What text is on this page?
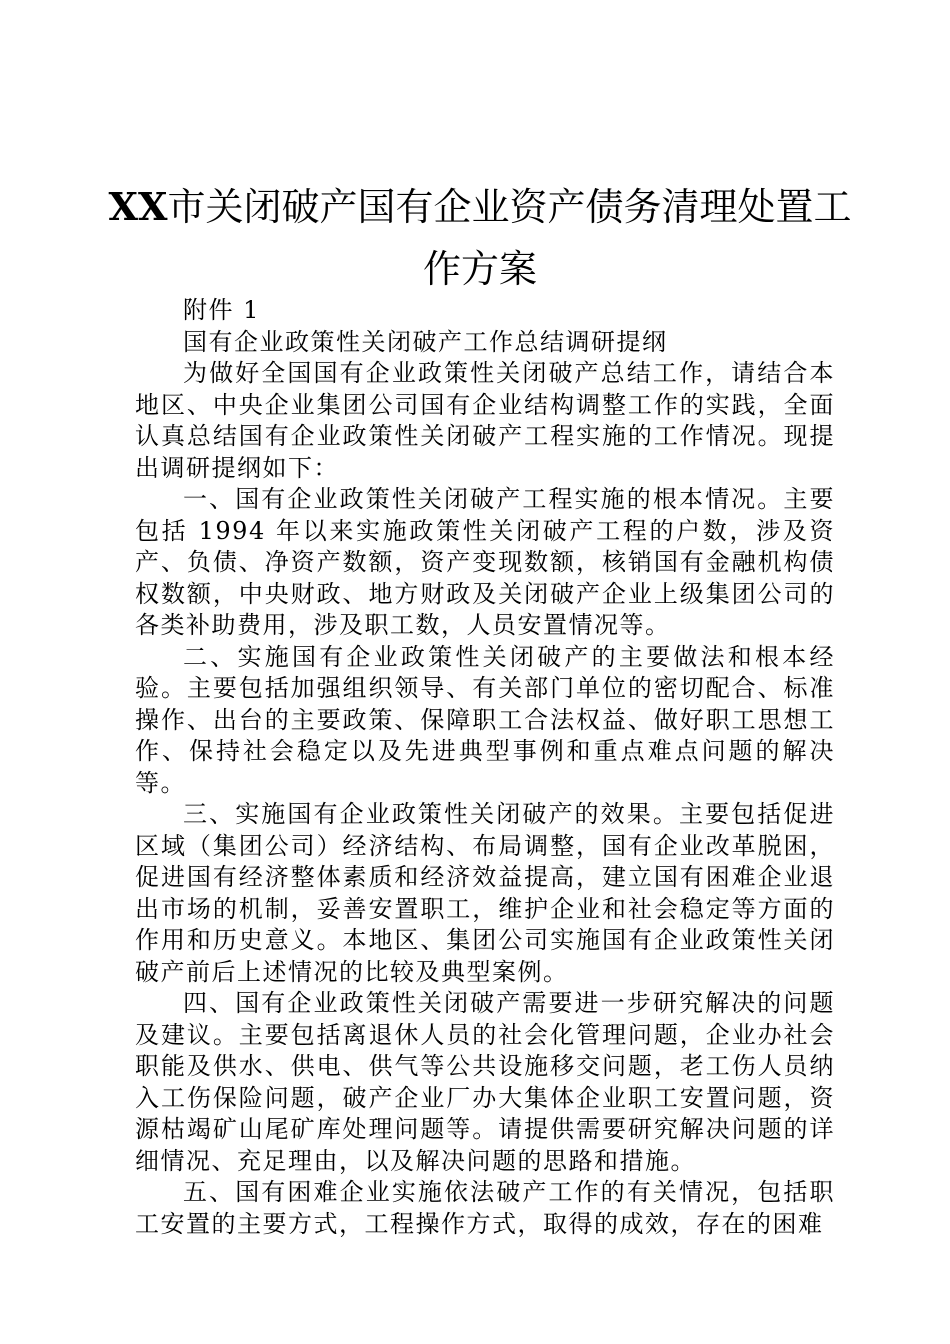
XX市关闭破产国有企业资产债务清理处置工作方案

附件 1

国有企业政策性关闭破产工作总结调研提纲

为做好全国国有企业政策性关闭破产总结工作，请结合本地区、中央企业集团公司国有企业结构调整工作的实践，全面认真总结国有企业政策性关闭破产工程实施的工作情况。现提出调研提纲如下：

一、国有企业政策性关闭破产工程实施的根本情况。主要包括 1994 年以来实施政策性关闭破产工程的户数，涉及资产、负债、净资产数额，资产变现数额，核销国有金融机构债权数额，中央财政、地方财政及关闭破产企业上级集团公司的各类补助费用，涉及职工数，人员安置情况等。

二、实施国有企业政策性关闭破产的主要做法和根本经验。主要包括加强组织领导、有关部门单位的密切配合、标准操作、出台的主要政策、保障职工合法权益、做好职工思想工作、保持社会稳定以及先进典型事例和重点难点问题的解决等。

三、实施国有企业政策性关闭破产的效果。主要包括促进区域（集团公司）经济结构、布局调整，国有企业改革脱困，促进国有经济整体素质和经济效益提高，建立国有困难企业退出市场的机制，妥善安置职工，维护企业和社会稳定等方面的作用和历史意义。本地区、集团公司实施国有企业政策性关闭破产前后上述情况的比较及典型案例。

四、国有企业政策性关闭破产需要进一步研究解决的问题及建议。主要包括离退休人员的社会化管理问题，企业办社会职能及供水、供电、供气等公共设施移交问题，老工伤人员纳入工伤保险问题，破产企业厂办大集体企业职工安置问题，资源枯竭矿山尾矿库处理问题等。请提供需要研究解决问题的详细情况、充足理由，以及解决问题的思路和措施。

五、国有困难企业实施依法破产工作的有关情况，包括职工安置的主要方式，工程操作方式，取得的成效，存在的困难
